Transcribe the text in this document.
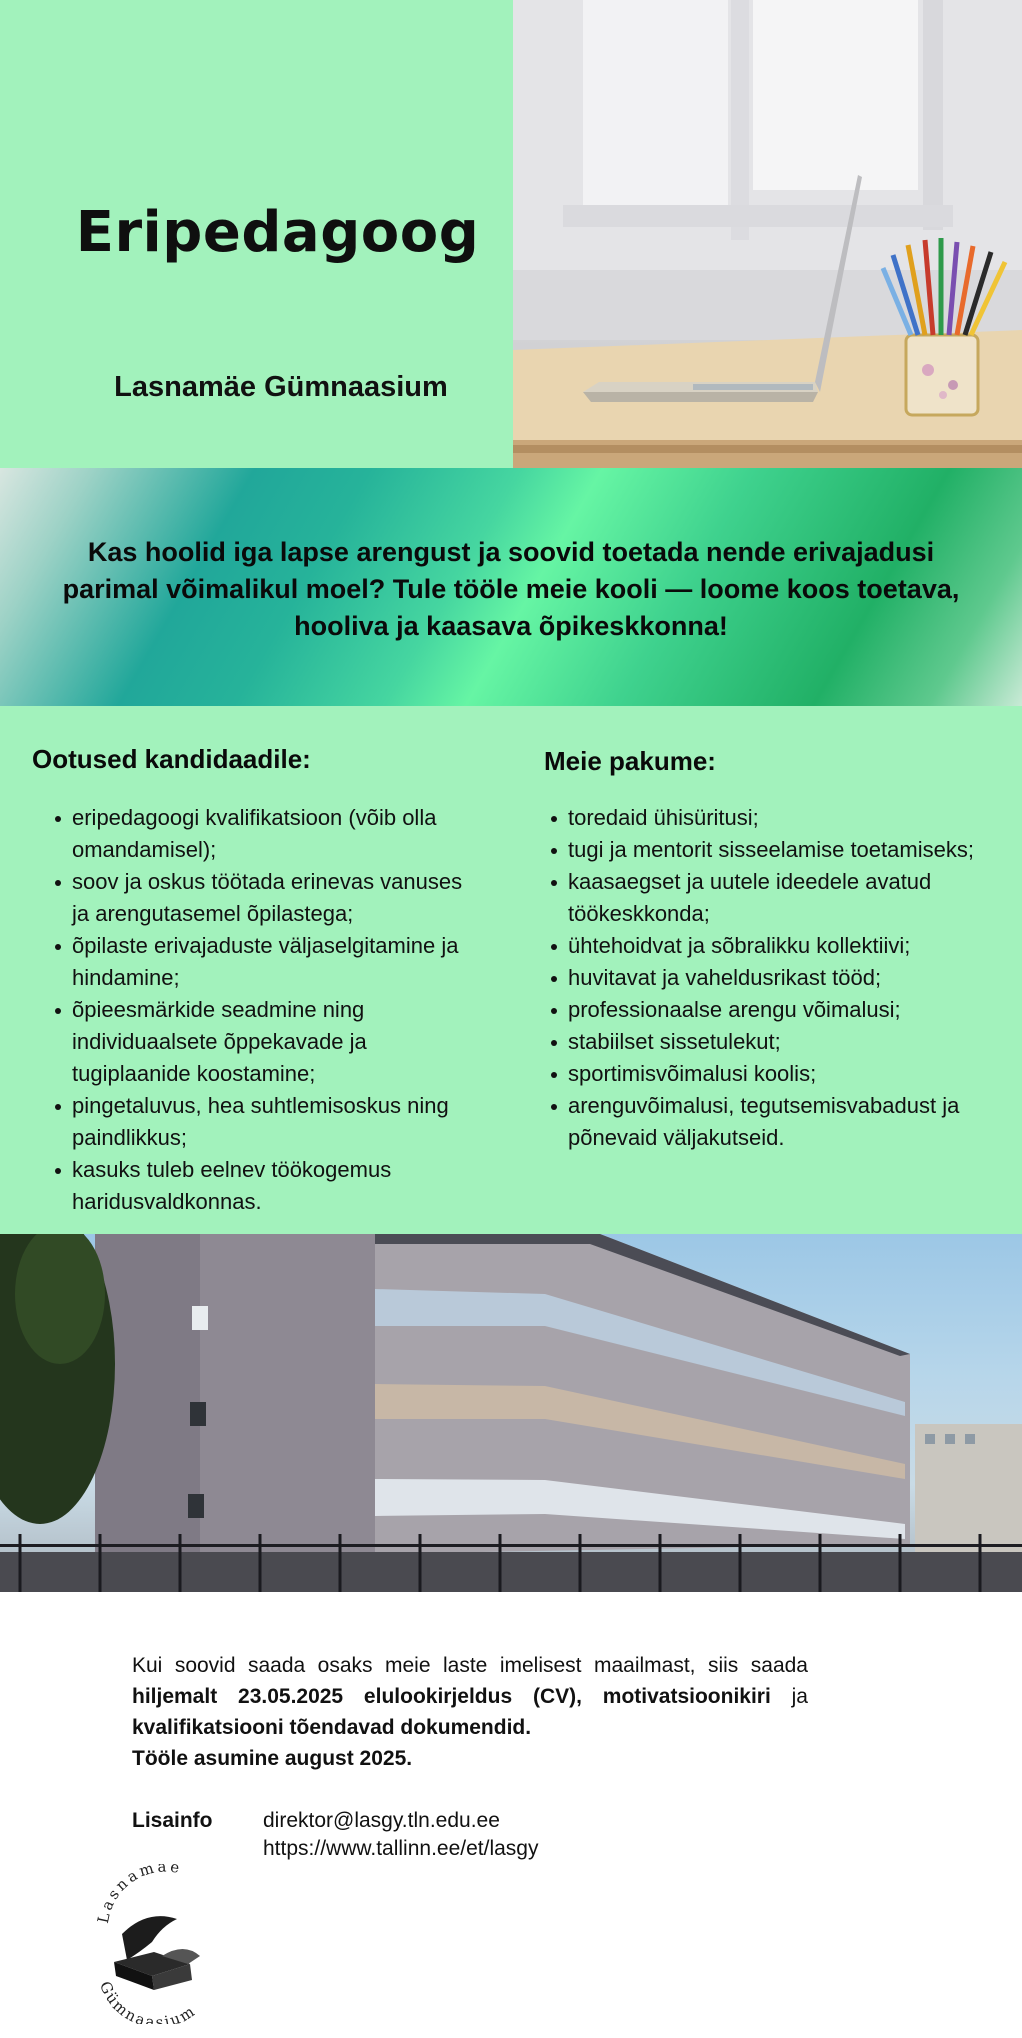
Eripedagoog
Lasnamäe Gümnaasium
Kas hoolid iga lapse arengust ja soovid toetada nende erivajadusi parimal võimalikul moel? Tule tööle meie kooli — loome koos toetava, hooliva ja kaasava õpikeskkonna!
Ootused kandidaadile:
eripedagoogi kvalifikatsioon (võib olla omandamisel);
soov ja oskus töötada erinevas vanuses ja arengutasemel õpilastega;
õpilaste erivajaduste väljaselgitamine ja hindamine;
õpieesmärkide seadmine ning individuaalsete õppekavade ja tugiplaanide koostamine;
pingetaluvus, hea suhtlemisoskus ning paindlikkus;
kasuks tuleb eelnev töökogemus haridusvaldkonnas.
Meie pakume:
toredaid ühisüritusi;
tugi ja mentorit sisseelamise toetamiseks;
kaasaegset ja uutele ideedele avatud töökeskkonda;
ühtehoidvat ja sõbralikku kollektiivi;
huvitavat ja vaheldusrikast tööd;
professionaalse arengu võimalusi;
stabiilset sissetulekut;
sportimisvõimalusi koolis;
arenguvõimalusi, tegutsemisvabadust ja põnevaid väljakutseid.
Kui soovid saada osaks meie laste imelisest maailmast, siis saada
hiljemalt 23.05.2025 elulookirjeldus (CV), motivatsioonikiri ja
kvalifikatsiooni tõendavad dokumendid.
Tööle asumine august 2025.
Lisainfo direktor@lasgy.tln.edu.ee
https://www.tallinn.ee/et/lasgy
Lasnamäe
Gümnaasium
